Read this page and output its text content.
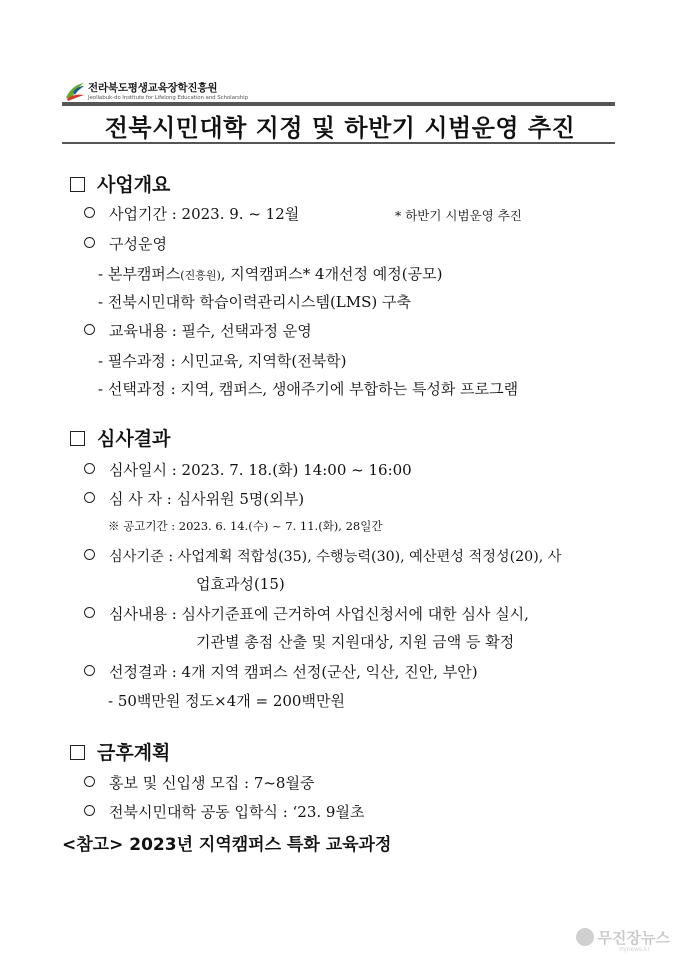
전라북도평생교육장학진흥원
Jeollabuk-do Institute for Lifelong Education and Scholarship
전북시민대학 지정 및 하반기 시범운영 추진
사업개요
사업기간 : 2023. 9. ~ 12월	* 하반기 시범운영 추진
구성운영
- 본부캠퍼스(진흥원), 지역캠퍼스* 4개선정 예정(공모)
- 전북시민대학 학습이력관리시스템(LMS) 구축
교육내용 : 필수, 선택과정 운영
- 필수과정 : 시민교육, 지역학(전북학)
- 선택과정 : 지역, 캠퍼스, 생애주기에 부합하는 특성화 프로그램
심사결과
심사일시 : 2023. 7. 18.(화) 14:00 ~ 16:00
심 사 자 : 심사위원 5명(외부)
※ 공고기간 : 2023. 6. 14.(수) ~ 7. 11.(화), 28일간
심사기준 : 사업계획 적합성(35), 수행능력(30), 예산편성 적정성(20), 사
업효과성(15)
심사내용 : 심사기준표에 근거하여 사업신청서에 대한 심사 실시,
기관별 총점 산출 및 지원대상, 지원 금액 등 확정
선정결과 : 4개 지역 캠퍼스 선정(군산, 익산, 진안, 부안)
- 50백만원 정도×4개 = 200백만원
금후계획
홍보 및 신입생 모집 : 7~8월중
전북시민대학 공동 입학식 : ‘23. 9월초
<참고> 2023년 지역캠퍼스 특화 교육과정
무진장뉴스
mjnews.kr
